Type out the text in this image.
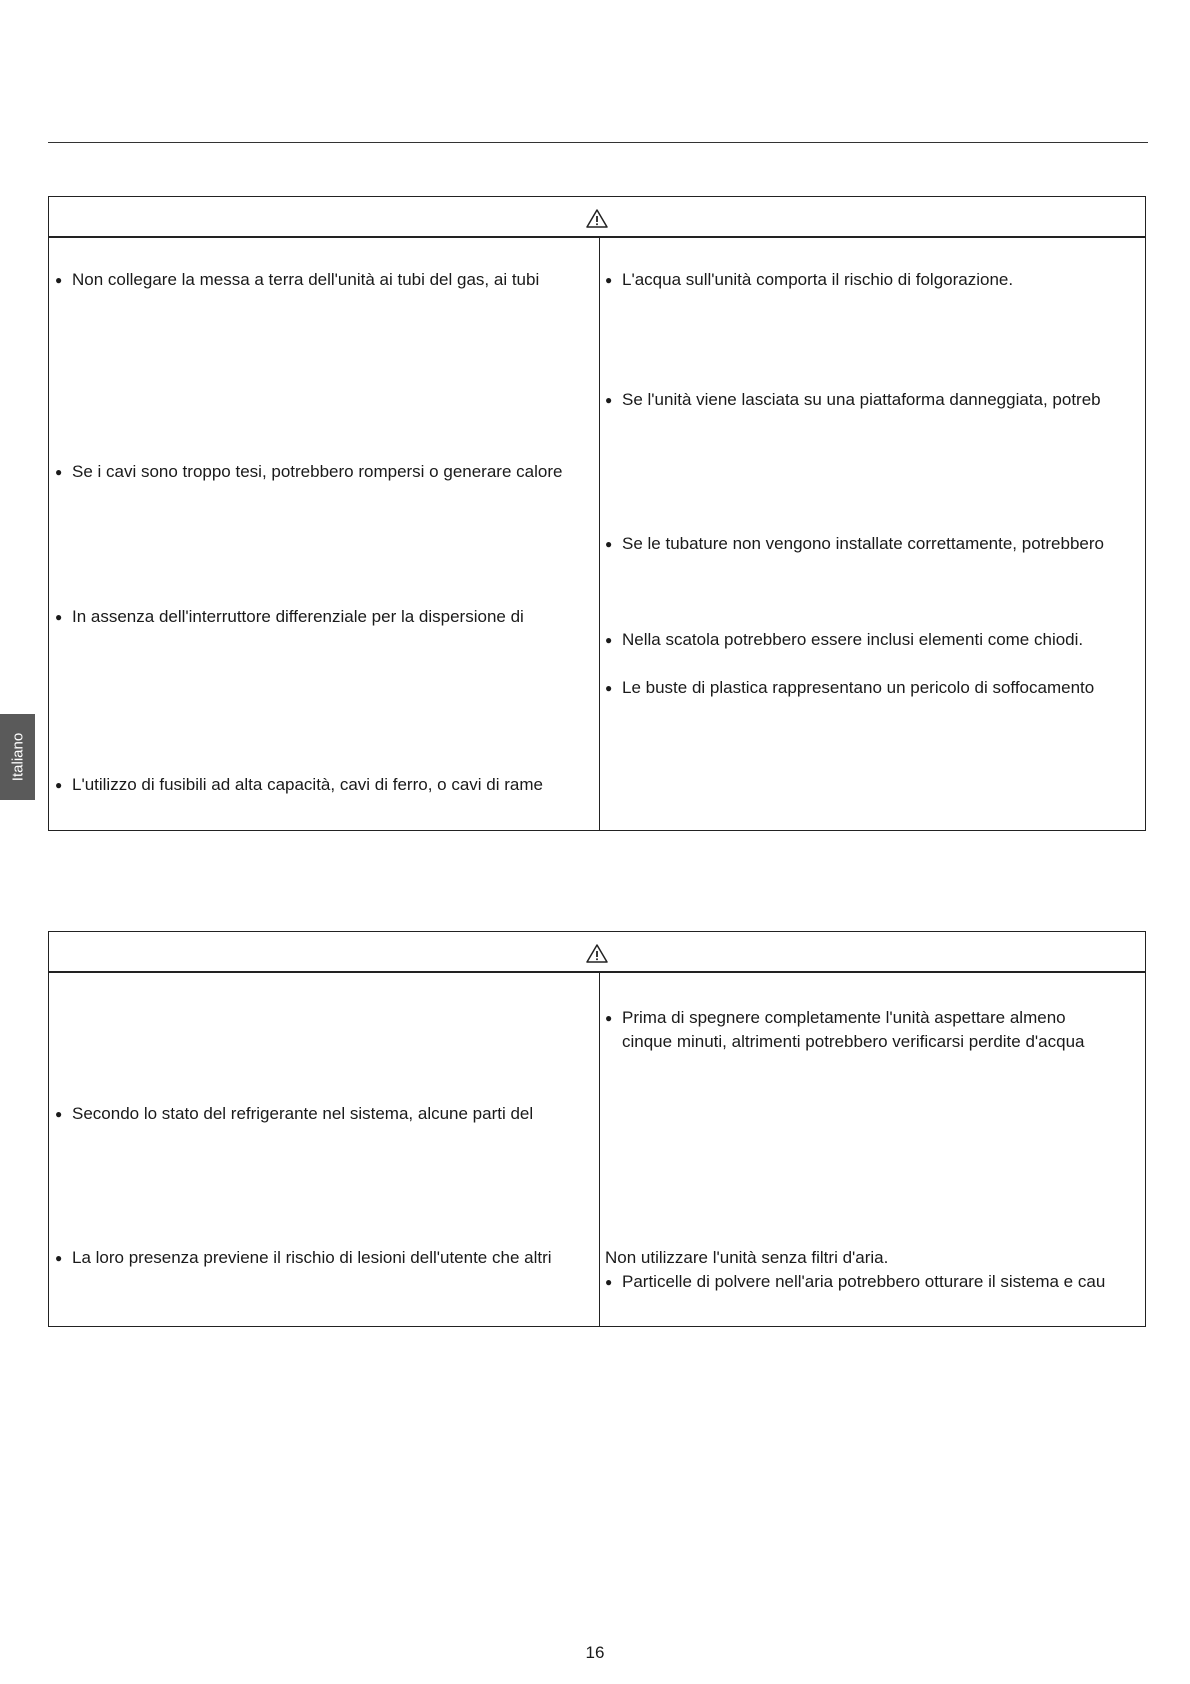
● Non collegare la messa a terra dell'unità ai tubi del gas, ai tubi
● Se i cavi sono troppo tesi, potrebbero rompersi o generare calore
● In assenza dell'interruttore differenziale per la dispersione di
● L'utilizzo di fusibili ad alta capacità, cavi di ferro, o cavi di rame
● L'acqua sull'unità comporta il rischio di folgorazione.
● Se l'unità viene lasciata su una piattaforma danneggiata, potreb
● Se le tubature non vengono installate correttamente, potrebbero
● Nella scatola potrebbero essere inclusi elementi come chiodi.
● Le buste di plastica rappresentano un pericolo di soffocamento
Italiano
● Secondo lo stato del refrigerante nel sistema, alcune parti del
● La loro presenza previene il rischio di lesioni dell'utente che altri
● Prima di spegnere completamente l'unità aspettare almeno
cinque minuti, altrimenti potrebbero verificarsi perdite d'acqua
Non utilizzare l'unità senza filtri d'aria.
● Particelle di polvere nell'aria potrebbero otturare il sistema e cau
16
